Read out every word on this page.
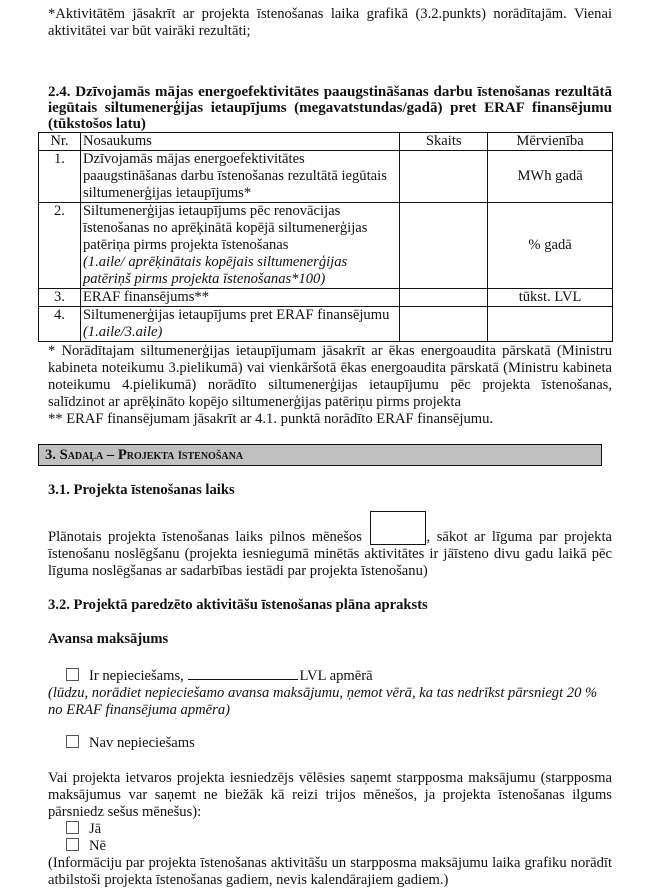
*Aktivitātēm jāsakrīt ar projekta īstenošanas laika grafikā (3.2.punkts) norādītajām. Vienai aktivitātei var būt vairāki rezultāti;
2.4. Dzīvojamās mājas energoefektivitātes paaugstināšanas darbu īstenošanas rezultātā iegūtais siltumenerģijas ietaupījums (megavatstundas/gadā) pret ERAF finansējumu (tūkstošos latu)
Nr.	Nosaukums	Skaits	Mērvienība
1.	Dzīvojamās mājas energoefektivitātes paaugstināšanas darbu īstenošanas rezultātā iegūtais siltumenerģijas ietaupījums*		MWh gadā
2.	Siltumenerģijas ietaupījums pēc renovācijas īstenošanas no aprēķinātā kopējā siltumenerģijas patēriņa pirms projekta īstenošanas
(1.aile/ aprēķinātais kopējais siltumenerģijas patēriņš pirms projekta īstenošanas*100)		% gadā
3.	ERAF finansējums**		tūkst. LVL
4.	Siltumenerģijas ietaupījums pret ERAF finansējumu
(1.aile/3.aile)		
* Norādītajam siltumenerģijas ietaupījumam jāsakrīt ar ēkas energoaudita pārskatā (Ministru kabineta noteikumu 3.pielikumā) vai vienkāršotā ēkas energoaudita pārskatā (Ministru kabineta noteikumu 4.pielikumā) norādīto siltumenerģijas ietaupījumu pēc projekta īstenošanas, salīdzinot ar aprēķināto kopējo siltumenerģijas patēriņu pirms projekta
** ERAF finansējumam jāsakrīt ar 4.1. punktā norādīto ERAF finansējumu.
3. Sadaļa – Projekta īstenošana
3.1. Projekta īstenošanas laiks
Plānotais projekta īstenošanas laiks pilnos mēnešos	, sākot ar līguma par projekta īstenošanu noslēgšanu (projekta iesniegumā minētās aktivitātes ir jāīsteno divu gadu laikā pēc līguma noslēgšanas ar sadarbības iestādi par projekta īstenošanu)
3.2. Projektā paredzēto aktivitāšu īstenošanas plāna apraksts
Avansa maksājums
Ir nepieciešams,	LVL apmērā
(lūdzu, norādiet nepieciešamo avansa maksājumu, ņemot vērā, ka tas nedrīkst pārsniegt 20 % no ERAF finansējuma apmēra)
Nav nepieciešams
Vai projekta ietvaros projekta iesniedzējs vēlēsies saņemt starpposma maksājumu (starpposma maksājumus var saņemt ne biežāk kā reizi trijos mēnešos, ja projekta īstenošanas ilgums pārsniedz sešus mēnešus):
Jā
Nē
(Informāciju par projekta īstenošanas aktivitāšu un starpposma maksājumu laika grafiku norādīt atbilstoši projekta īstenošanas gadiem, nevis kalendārajiem gadiem.)
